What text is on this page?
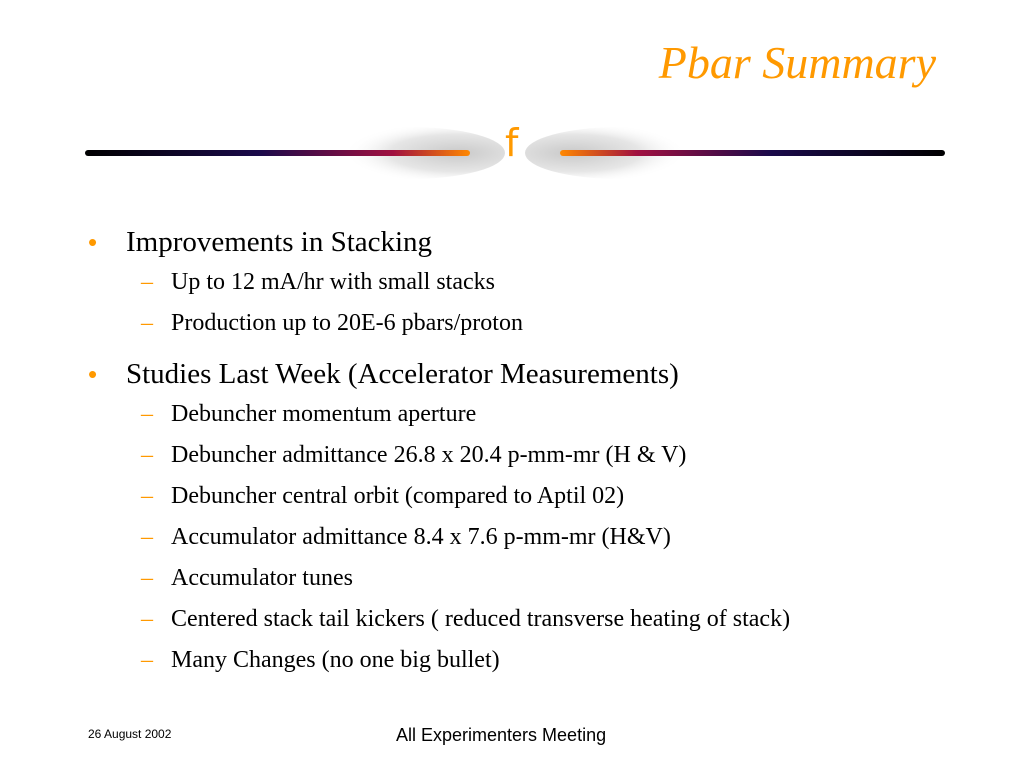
Pbar Summary
f
• Improvements in Stacking
– Up to 12 mA/hr with small stacks
– Production up to 20E-6 pbars/proton
• Studies Last Week (Accelerator Measurements)
– Debuncher momentum aperture
– Debuncher admittance 26.8 x 20.4 p-mm-mr (H & V)
– Debuncher central orbit (compared to Aptil 02)
– Accumulator admittance 8.4 x 7.6 p-mm-mr (H&V)
– Accumulator tunes
– Centered stack tail kickers ( reduced transverse heating of stack)
– Many Changes (no one big bullet)
26 August 2002	All Experimenters Meeting
